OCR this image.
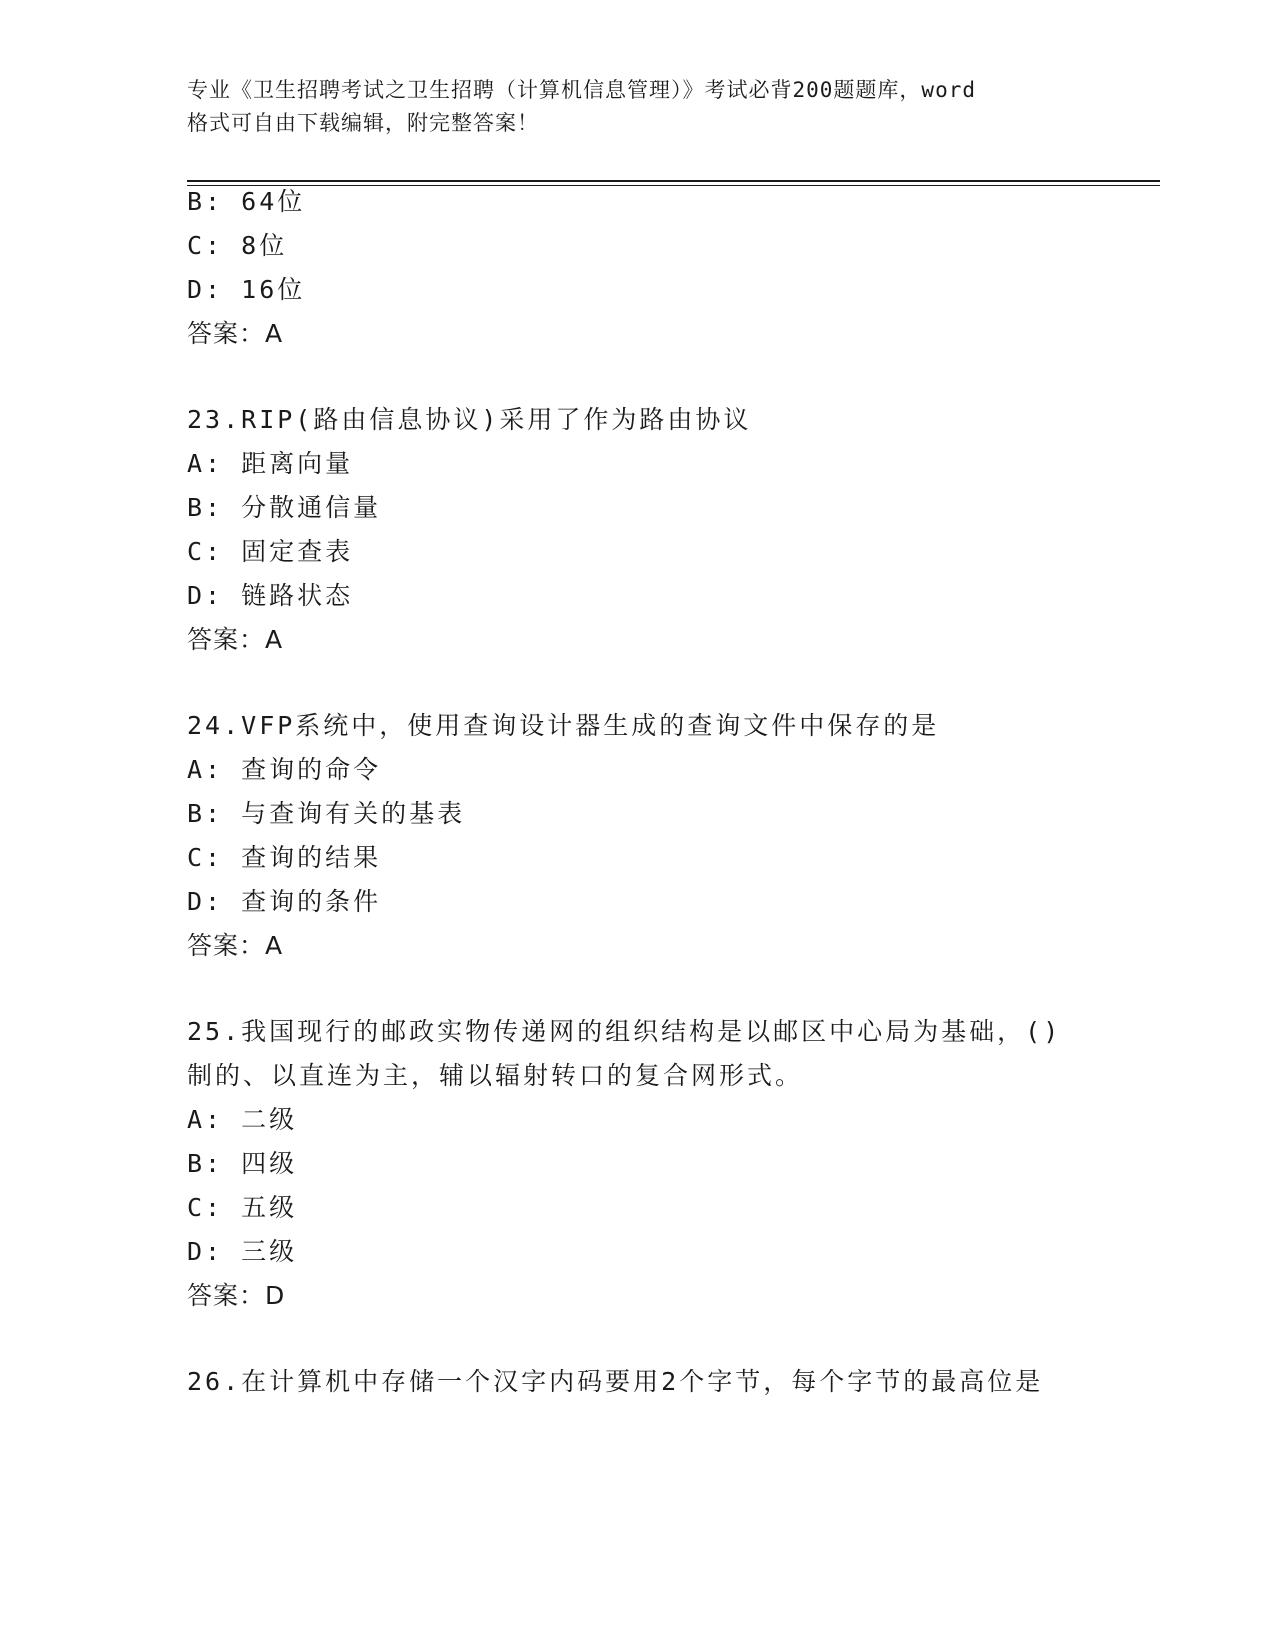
专业《卫生招聘考试之卫生招聘（计算机信息管理）》考试必背200题题库，word
格式可自由下载编辑，附完整答案！
B: 64位
C: 8位
D: 16位
答案：A
23.RIP(路由信息协议)采用了作为路由协议
A: 距离向量
B: 分散通信量
C: 固定查表
D: 链路状态
答案：A
24.VFP系统中，使用查询设计器生成的查询文件中保存的是
A: 查询的命令
B: 与查询有关的基表
C: 查询的结果
D: 查询的条件
答案：A
25.我国现行的邮政实物传递网的组织结构是以邮区中心局为基础，()
制的、以直连为主，辅以辐射转口的复合网形式。
A: 二级
B: 四级
C: 五级
D: 三级
答案：D
26.在计算机中存储一个汉字内码要用2个字节，每个字节的最高位是
